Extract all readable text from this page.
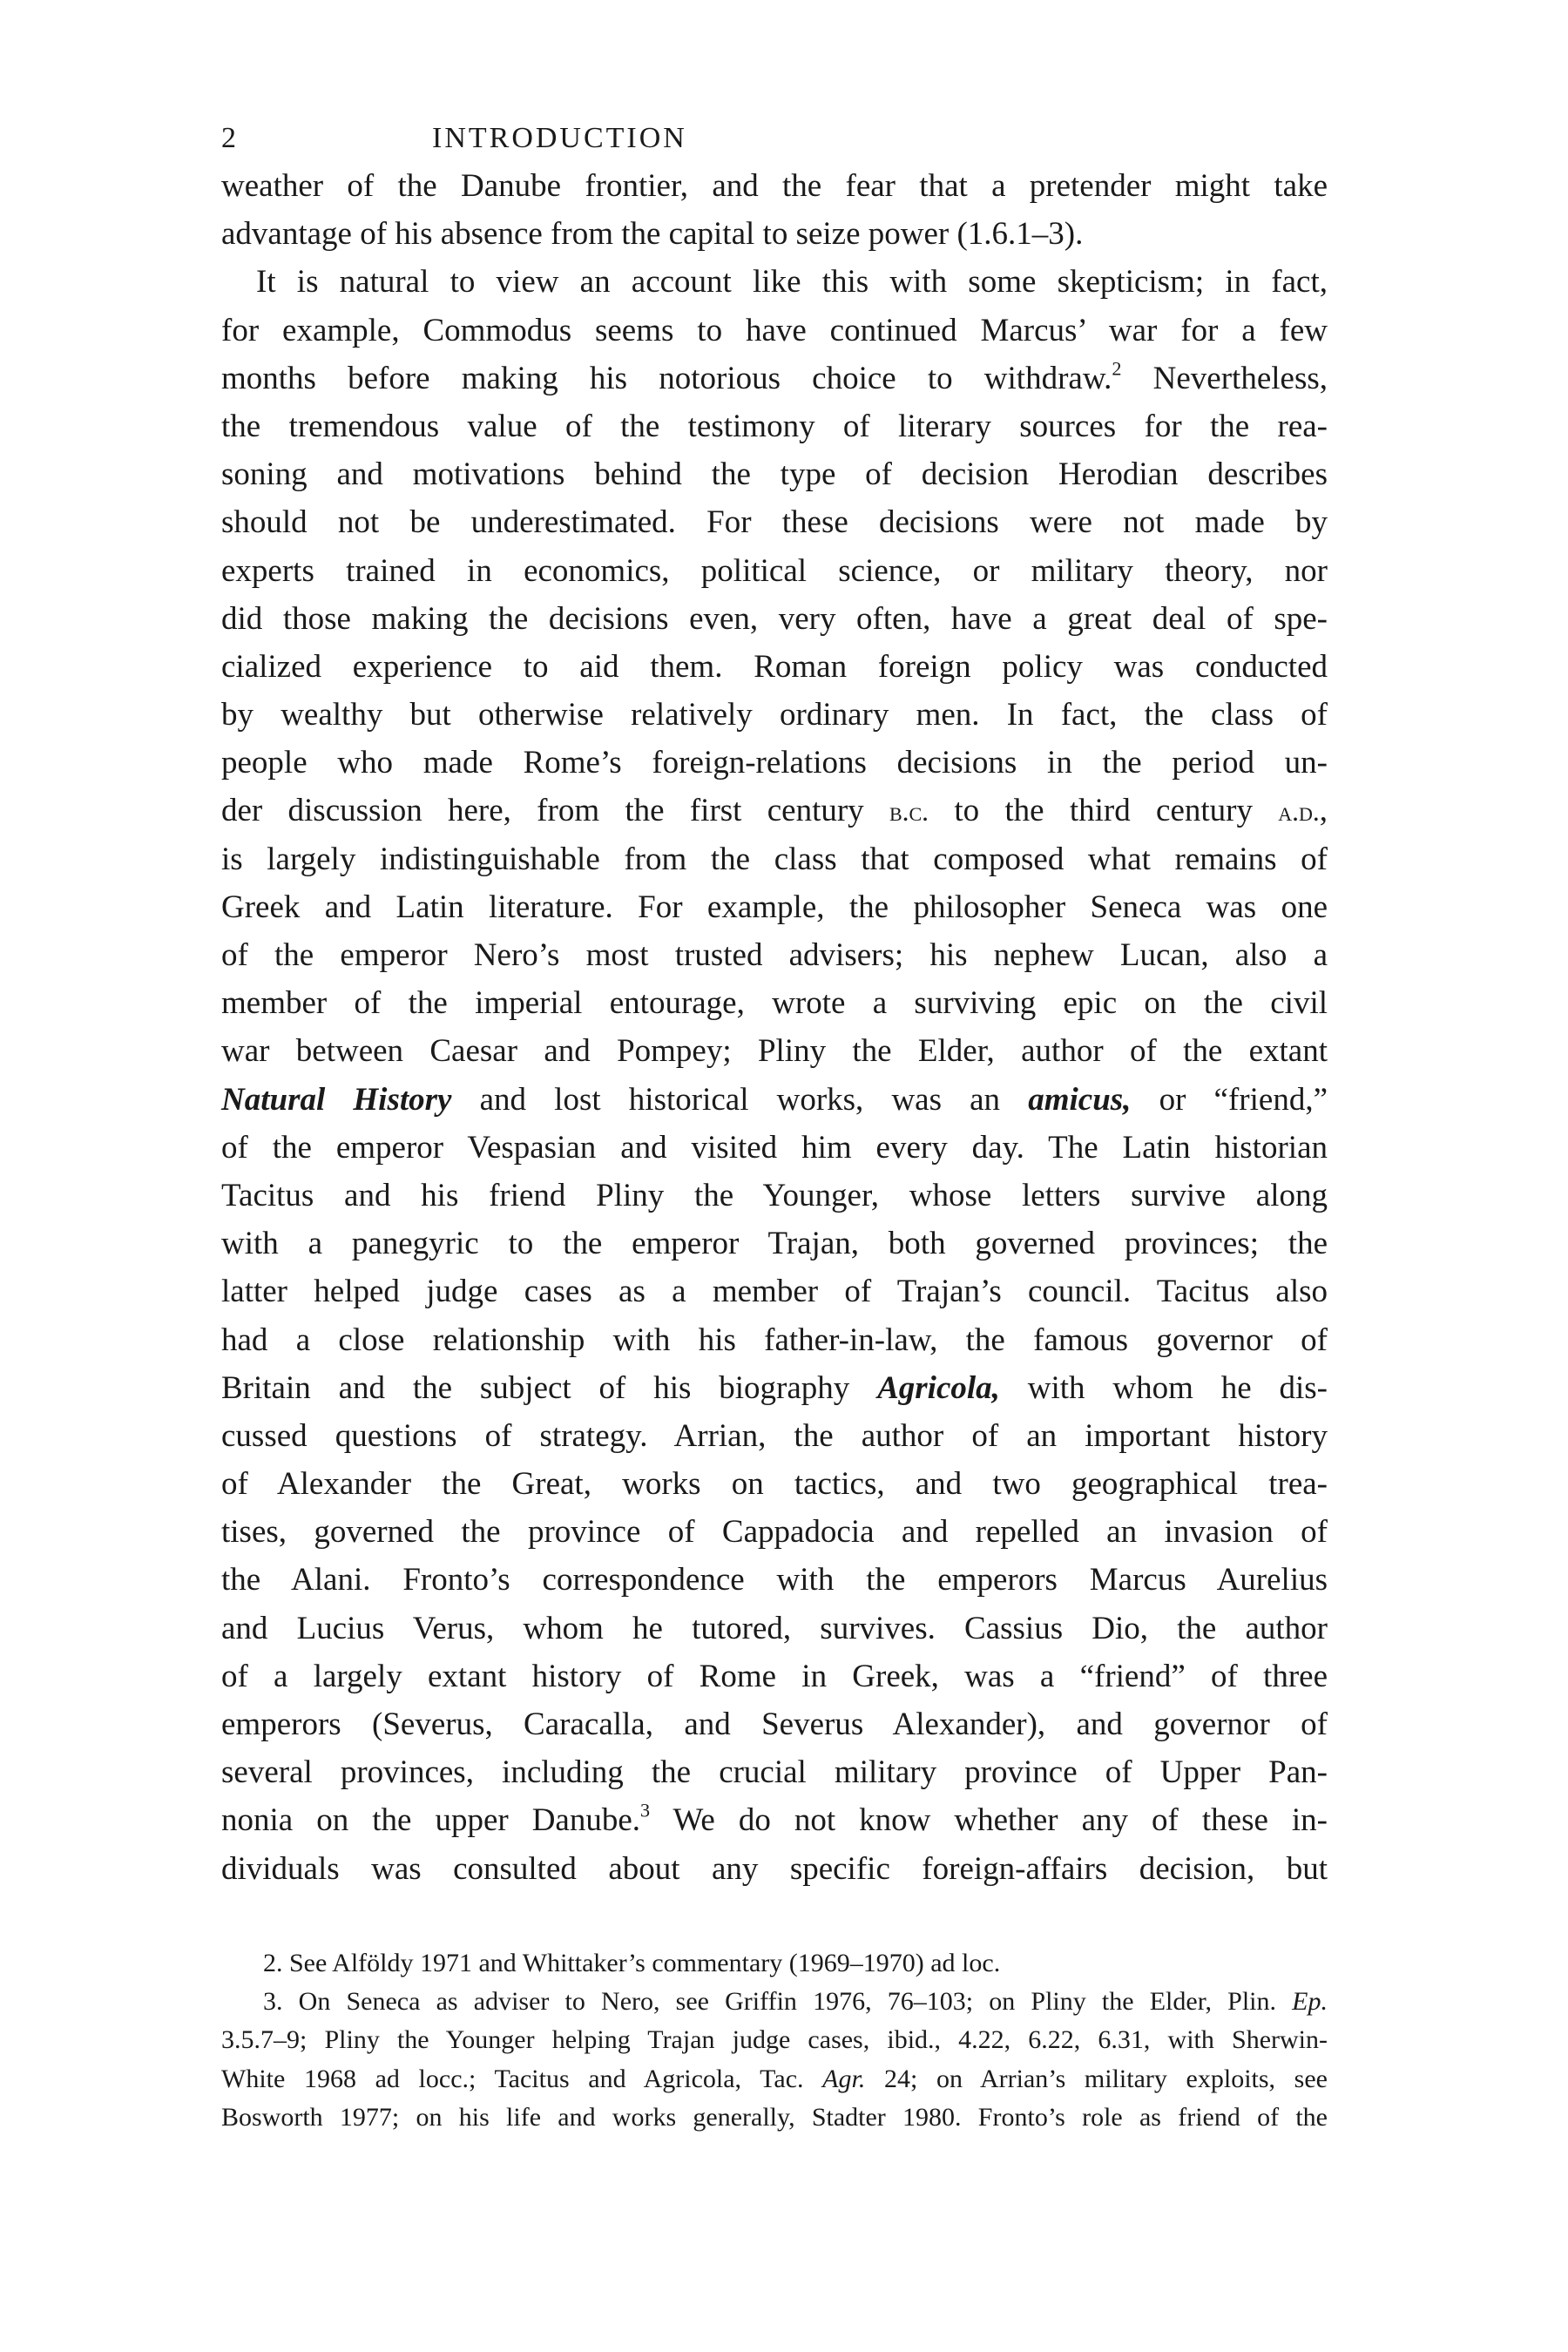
2	INTRODUCTION
weather of the Danube frontier, and the fear that a pretender might take
advantage of his absence from the capital to seize power (1.6.1–3).
It is natural to view an account like this with some skepticism; in fact,
for example, Commodus seems to have continued Marcus’ war for a few
months before making his notorious choice to withdraw.$^2$ Nevertheless,
the tremendous value of the testimony of literary sources for the rea-
soning and motivations behind the type of decision Herodian describes
should not be underestimated. For these decisions were not made by
experts trained in economics, political science, or military theory, nor
did those making the decisions even, very often, have a great deal of spe-
cialized experience to aid them. Roman foreign policy was conducted
by wealthy but otherwise relatively ordinary men. In fact, the class of
people who made Rome’s foreign-relations decisions in the period un-
der discussion here, from the first century b.c. to the third century a.d.,
is largely indistinguishable from the class that composed what remains of
Greek and Latin literature. For example, the philosopher Seneca was one
of the emperor Nero’s most trusted advisers; his nephew Lucan, also a
member of the imperial entourage, wrote a surviving epic on the civil
war between Caesar and Pompey; Pliny the Elder, author of the extant
Natural History and lost historical works, was an amicus, or “friend,”
of the emperor Vespasian and visited him every day. The Latin historian
Tacitus and his friend Pliny the Younger, whose letters survive along
with a panegyric to the emperor Trajan, both governed provinces; the
latter helped judge cases as a member of Trajan’s council. Tacitus also
had a close relationship with his father-in-law, the famous governor of
Britain and the subject of his biography Agricola, with whom he dis-
cussed questions of strategy. Arrian, the author of an important history
of Alexander the Great, works on tactics, and two geographical trea-
tises, governed the province of Cappadocia and repelled an invasion of
the Alani. Fronto’s correspondence with the emperors Marcus Aurelius
and Lucius Verus, whom he tutored, survives. Cassius Dio, the author
of a largely extant history of Rome in Greek, was a “friend” of three
emperors (Severus, Caracalla, and Severus Alexander), and governor of
several provinces, including the crucial military province of Upper Pan-
nonia on the upper Danube.$^3$ We do not know whether any of these in-
dividuals was consulted about any specific foreign-affairs decision, but
2. See Alföldy 1971 and Whittaker’s commentary (1969–1970) ad loc.
3. On Seneca as adviser to Nero, see Griffin 1976, 76–103; on Pliny the Elder, Plin. Ep.
3.5.7–9; Pliny the Younger helping Trajan judge cases, ibid., 4.22, 6.22, 6.31, with Sherwin-
White 1968 ad locc.; Tacitus and Agricola, Tac. Agr. 24; on Arrian’s military exploits, see
Bosworth 1977; on his life and works generally, Stadter 1980. Fronto’s role as friend of the
